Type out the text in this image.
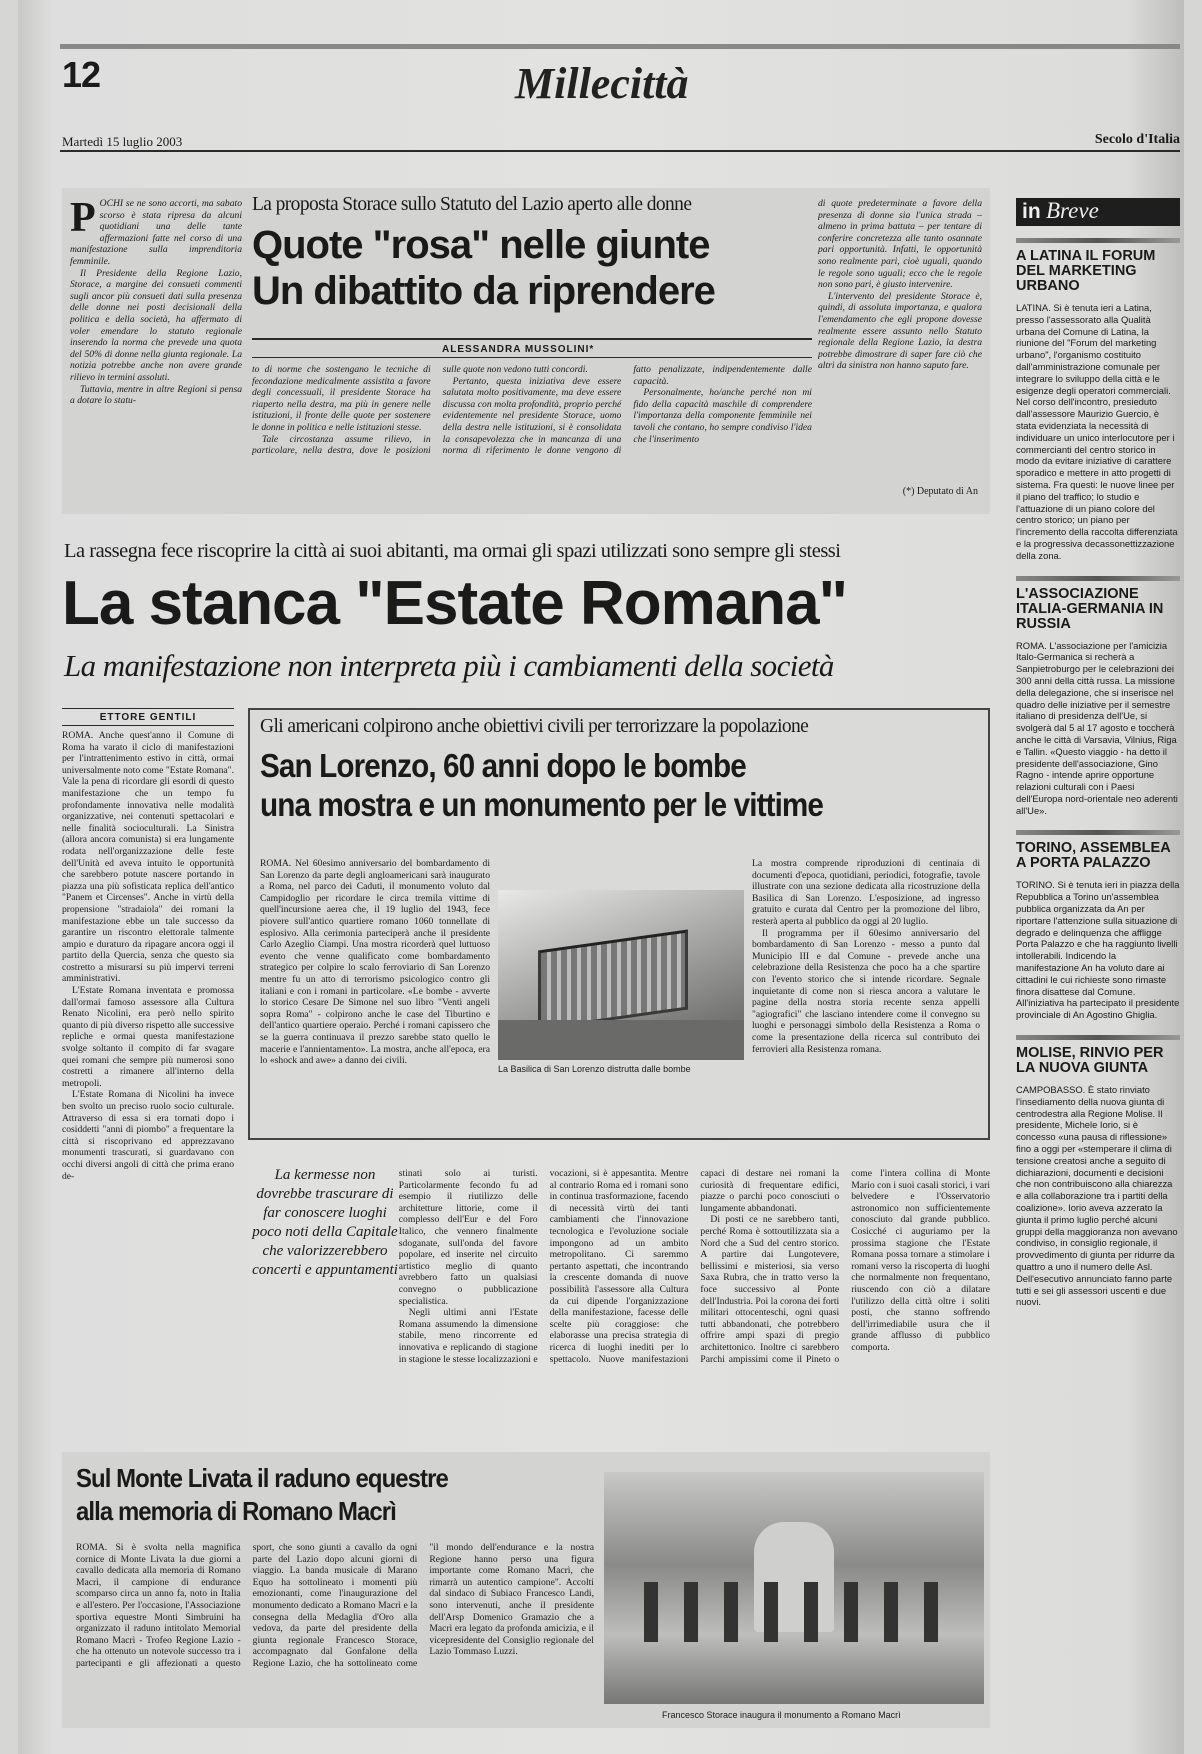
12	Millecittà
Martedì 15 luglio 2003	Secolo d'Italia
P OCHI se ne sono accorti, ma sabato scorso è stata ripresa da alcuni quotidiani una delle tante affermazioni fatte nel corso di una manifestazione sulla imprenditoria femminile.

Il Presidente della Regione Lazio, Storace, a margine dei consueti commenti sugli ancor più consueti dati sulla presenza delle donne nei posti decisionali della politica e della società, ha affermato di voler emendare lo statuto regionale inserendo la norma che prevede una quota del 50% di donne nella giunta regionale. La notizia potrebbe anche non avere grande rilievo in termini assoluti.

Tuttavia, mentre in altre Regioni si pensa a dotare lo statu-

La proposta Storace sullo Statuto del Lazio aperto alle donne
Quote "rosa" nelle giunte
Un dibattito da riprendere
ALESSANDRA MUSSOLINI*

to di norme che sostengano le tecniche di fecondazione medicalmente assistita a favore degli concessuali, il presidente Storace ha riaperto nella destra, ma più in genere nelle istituzioni, il fronte delle quote per sostenere le donne in politica e nelle istituzioni stesse.

Tale circostanza assume rilievo, in particolare, nella destra, dove le posizioni sulle quote non vedono tutti concordi.

Pertanto, questa iniziativa deve essere salutata molto positivamente, ma deve essere discussa con molta profondità, proprio perché evidentemente nel presidente Storace, uomo della destra nelle istituzioni, si è consolidata la consapevolezza che in mancanza di una norma di riferimento le donne vengono di fatto penalizzate, indipendentemente dalle capacità.

Personalmente, ho/anche perché non mi fido della capacità maschile di comprendere l'importanza della componente femminile nei tavoli che contano, ho sempre condiviso l'idea che l'inserimento

di quote predeterminate a favore della presenza di donne sia l'unica strada – almeno in prima battuta – per tentare di conferire concretezza alle tanto osannate pari opportunità. Infatti, le opportunità sono realmente pari, cioè uguali, quando le regole sono uguali; ecco che le regole non sono pari, è giusto intervenire.

L'intervento del presidente Storace è, quindi, di assoluta importanza, e qualora l'emendamento che egli propone dovesse realmente essere assunto nello Statuto regionale della Regione Lazio, la destra potrebbe dimostrare di saper fare ciò che altri da sinistra non hanno saputo fare.

(*) Deputato di An
La rassegna fece riscoprire la città ai suoi abitanti, ma ormai gli spazi utilizzati sono sempre gli stessi
La stanca "Estate Romana"
La manifestazione non interpreta più i cambiamenti della società
ETTORE GENTILI

ROMA. Anche quest'anno il Comune di Roma ha varato il ciclo di manifestazioni per l'intrattenimento estivo in città, ormai universalmente noto come "Estate Romana". Vale la pena di ricordare gli esordi di questo manifestazione che un tempo fu profondamente innovativa nelle modalità organizzative, nei contenuti spettacolari e nelle finalità socioculturali. La Sinistra (allora ancora comunista) si era lungamente rodata nell'organizzazione delle feste dell'Unità ed aveva intuito le opportunità che sarebbero potute nascere portando in piazza una più sofisticata replica dell'antico "Panem et Circenses". Anche in virtù della propensione "stradaiola" dei romani la manifestazione ebbe un tale successo da garantire un riscontro elettorale talmente ampio e duraturo da ripagare ancora oggi il partito della Quercia, senza che questo sia costretto a misurarsi su più impervi terreni amministrativi.

L'Estate Romana inventata e promossa dall'ormai famoso assessore alla Cultura Renato Nicolini, era però nello spirito quanto di più diverso rispetto alle successive repliche e ormai questa manifestazione svolge soltanto il compito di far svagare quei romani che sempre più numerosi sono costretti a rimanere all'interno della metropoli.

L'Estate Romana di Nicolini ha invece ben svolto un preciso ruolo socio culturale. Attraverso di essa si era tornati dopo i cosiddetti "anni di piombo" a frequentare la città si riscoprivano ed apprezzavano monumenti trascurati, si guardavano con occhi diversi angoli di città che prima erano de-

Gli americani colpirono anche obiettivi civili per terrorizzare la popolazione
San Lorenzo, 60 anni dopo le bombe
una mostra e un monumento per le vittime

ROMA. Nel 60esimo anniversario del bombardamento di San Lorenzo da parte degli angloamericani sarà inaugurato a Roma, nel parco dei Caduti, il monumento voluto dal Campidoglio per ricordare le circa tremila vittime di quell'incursione aerea che, il 19 luglio del 1943, fece piovere sull'antico quartiere romano 1060 tonnellate di esplosivo. Alla cerimonia parteciperà anche il presidente Carlo Azeglio Ciampi. Una mostra ricorderà quel luttuoso evento che venne qualificato come bombardamento strategico per colpire lo scalo ferroviario di San Lorenzo mentre fu un atto di terrorismo psicologico contro gli italiani e con i romani in particolare. «Le bombe - avverte lo storico Cesare De Simone nel suo libro "Venti angeli sopra Roma" - colpirono anche le case del Tiburtino e dell'antico quartiere operaio. Perché i romani capissero che se la guerra continuava il prezzo sarebbe stato quello le macerie e l'annientamento». La mostra, anche all'epoca, era lo «shock and awe» a danno dei civili.

La Basilica di San Lorenzo distrutta dalle bombe

La mostra comprende riproduzioni di centinaia di documenti d'epoca, quotidiani, periodici, fotografie, tavole illustrate con una sezione dedicata alla ricostruzione della Basilica di San Lorenzo. L'esposizione, ad ingresso gratuito e curata dal Centro per la promozione del libro, resterà aperta al pubblico da oggi al 20 luglio.

Il programma per il 60esimo anniversario del bombardamento di San Lorenzo - messo a punto dal Municipio III e dal Comune - prevede anche una celebrazione della Resistenza che poco ha a che spartire con l'evento storico che si intende ricordare. Segnale inquietante di come non si riesca ancora a valutare le pagine della nostra storia recente senza appelli "agiografici" che lasciano intendere come il convegno su luoghi e personaggi simbolo della Resistenza a Roma o come la presentazione della ricerca sul contributo dei ferrovieri alla Resistenza romana.

La kermesse non dovrebbe trascurare di far conoscere luoghi poco noti della Capitale che valorizzerebbero concerti e appuntamenti

stinati solo ai turisti. Particolarmente fecondo fu ad esempio il riutilizzo delle architetture littorie, come il complesso dell'Eur e del Foro Italico, che vennero finalmente sdoganate, sull'onda del favore popolare, ed inserite nel circuito artistico meglio di quanto avrebbero fatto un qualsiasi convegno o pubblicazione specialistica.

Negli ultimi anni l'Estate Romana assumendo la dimensione stabile, meno rincorrente ed innovativa e replicando di stagione in stagione le stesse localizzazioni e vocazioni, si è appesantita. Mentre al contrario Roma ed i romani sono in continua trasformazione, facendo di necessità virtù dei tanti cambiamenti che l'innovazione tecnologica e l'evoluzione sociale impongono ad un ambito metropolitano. Ci saremmo pertanto aspettati, che incontrando la crescente domanda di nuove possibilità l'assessore alla Cultura da cui dipende l'organizzazione della manifestazione, facesse delle scelte più coraggiose: che elaborasse una precisa strategia di ricerca di luoghi inediti per lo spettacolo. Nuove manifestazioni capaci di destare nei romani la curiosità di frequentare edifici, piazze o parchi poco conosciuti o lungamente abbandonati.

Di posti ce ne sarebbero tanti, perché Roma è sottoutilizzata sia a Nord che a Sud del centro storico. A partire dai Lungotevere, bellissimi e misteriosi, sia verso Saxa Rubra, che in tratto verso la foce successivo al Ponte dell'Industria. Poi la corona dei forti militari ottocenteschi, ogni quasi tutti abbandonati, che potrebbero offrire ampi spazi di pregio architettonico. Inoltre ci sarebbero Parchi ampissimi come il Pineto o come l'intera collina di Monte Mario con i suoi casali storici, i vari belvedere e l'Osservatorio astronomico non sufficientemente conosciuto dal grande pubblico. Cosicché ci auguriamo per la prossima stagione che l'Estate Romana possa tornare a stimolare i romani verso la riscoperta di luoghi che normalmente non frequentano, riuscendo con ciò a dilatare l'utilizzo della città oltre i soliti posti, che stanno soffrendo dell'irrimediabile usura che il grande afflusso di pubblico comporta.

Sul Monte Livata il raduno equestre
alla memoria di Romano Macrì

ROMA. Si è svolta nella magnifica cornice di Monte Livata la due giorni a cavallo dedicata alla memoria di Romano Macrì, il campione di endurance scomparso circa un anno fa, noto in Italia e all'estero. Per l'occasione, l'Associazione sportiva equestre Monti Simbruini ha organizzato il raduno intitolato Memorial Romano Macrì - Trofeo Regione Lazio - che ha ottenuto un notevole successo tra i partecipanti e gli affezionati a questo sport, che sono giunti a cavallo da ogni parte del Lazio dopo alcuni giorni di viaggio. La banda musicale di Marano Equo ha sottolineato i momenti più emozionanti, come l'inaugurazione del monumento dedicato a Romano Macrì e la consegna della Medaglia d'Oro alla vedova, da parte del presidente della giunta regionale Francesco Storace, accompagnato dal Gonfalone della Regione Lazio, che ha sottolineato come "il mondo dell'endurance e la nostra Regione hanno perso una figura importante come Romano Macrì, che rimarrà un autentico campione". Accolti dal sindaco di Subiaco Francesco Landi, sono intervenuti, anche il presidente dell'Arsp Domenico Gramazio che a Macrì era legato da profonda amicizia, e il vicepresidente del Consiglio regionale del Lazio Tommaso Luzzi.

Francesco Storace inaugura il monumento a Romano Macrì
in Breve
A LATINA IL FORUM DEL MARKETING URBANO
LATINA. Si è tenuta ieri a Latina, presso l'assessorato alla Qualità urbana del Comune di Latina, la riunione del "Forum del marketing urbano", l'organismo costituito dall'amministrazione comunale per integrare lo sviluppo della città e le esigenze degli operatori commerciali. Nel corso dell'incontro, presieduto dall'assessore Maurizio Guercio, è stata evidenziata la necessità di individuare un unico interlocutore per i commercianti del centro storico in modo da evitare iniziative di carattere sporadico e mettere in atto progetti di sistema. Fra questi: le nuove linee per il piano del traffico; lo studio e l'attuazione di un piano colore del centro storico; un piano per l'incremento della raccolta differenziata e la progressiva decassonettizzazione della zona.
L'ASSOCIAZIONE ITALIA-GERMANIA IN RUSSIA
ROMA. L'associazione per l'amicizia Italo-Germanica si recherà a Sanpietroburgo per le celebrazioni dei 300 anni della città russa. La missione della delegazione, che si inserisce nel quadro delle iniziative per il semestre italiano di presidenza dell'Ue, si svolgerà dal 5 al 17 agosto e toccherà anche le città di Varsavia, Vilnius, Riga e Tallin. «Questo viaggio - ha detto il presidente dell'associazione, Gino Ragno - intende aprire opportune relazioni culturali con i Paesi dell'Europa nord-orientale neo aderenti all'Ue».
TORINO, ASSEMBLEA A PORTA PALAZZO
TORINO. Si è tenuta ieri in piazza della Repubblica a Torino un'assemblea pubblica organizzata da An per riportare l'attenzione sulla situazione di degrado e delinquenza che affligge Porta Palazzo e che ha raggiunto livelli intollerabili. Indicendo la manifestazione An ha voluto dare ai cittadini le cui richieste sono rimaste finora disattese dal Comune. All'iniziativa ha partecipato il presidente provinciale di An Agostino Ghiglia.
MOLISE, RINVIO PER LA NUOVA GIUNTA
CAMPOBASSO. È stato rinviato l'insediamento della nuova giunta di centrodestra alla Regione Molise. Il presidente, Michele Iorio, si è concesso «una pausa di riflessione» fino a oggi per «stemperare il clima di tensione creatosi anche a seguito di dichiarazioni, documenti e decisioni che non contribuiscono alla chiarezza e alla collaborazione tra i partiti della coalizione». Iorio aveva azzerato la giunta il primo luglio perché alcuni gruppi della maggioranza non avevano condiviso, in consiglio regionale, il provvedimento di giunta per ridurre da quattro a uno il numero delle Asl. Dell'esecutivo annunciato fanno parte tutti e sei gli assessori uscenti e due nuovi.
